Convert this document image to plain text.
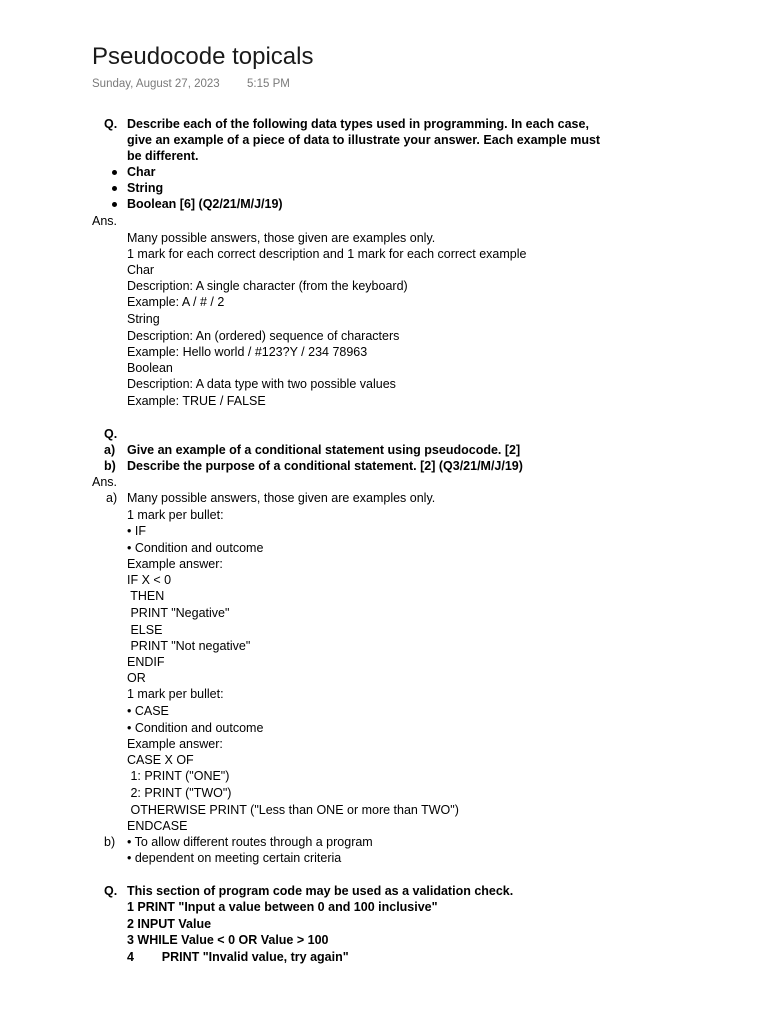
Pseudocode topicals
Sunday, August 27, 2023 5:15 PM
Q. Describe each of the following data types used in programming. In each case,
give an example of a piece of data to illustrate your answer. Each example must
be different.
Char
String
Boolean [6] (Q2/21/M/J/19)
Ans.
Many possible answers, those given are examples only.
1 mark for each correct description and 1 mark for each correct example
Char
Description: A single character (from the keyboard)
Example: A / # / 2
String
Description: An (ordered) sequence of characters
Example: Hello world / #123?Y / 234 78963
Boolean
Description: A data type with two possible values
Example: TRUE / FALSE
Q.
a) Give an example of a conditional statement using pseudocode. [2]
b) Describe the purpose of a conditional statement. [2] (Q3/21/M/J/19)
Ans.
a) Many possible answers, those given are examples only.
1 mark per bullet:
• IF
• Condition and outcome
Example answer:
IF X < 0
THEN
PRINT "Negative"
ELSE
PRINT "Not negative"
ENDIF
OR
1 mark per bullet:
• CASE
• Condition and outcome
Example answer:
CASE X OF
1: PRINT ("ONE")
2: PRINT ("TWO")
OTHERWISE PRINT ("Less than ONE or more than TWO")
ENDCASE
b) • To allow different routes through a program
• dependent on meeting certain criteria
Q. This section of program code may be used as a validation check.
1 PRINT "Input a value between 0 and 100 inclusive"
2 INPUT Value
3 WHILE Value < 0 OR Value > 100
4        PRINT "Invalid value, try again"
